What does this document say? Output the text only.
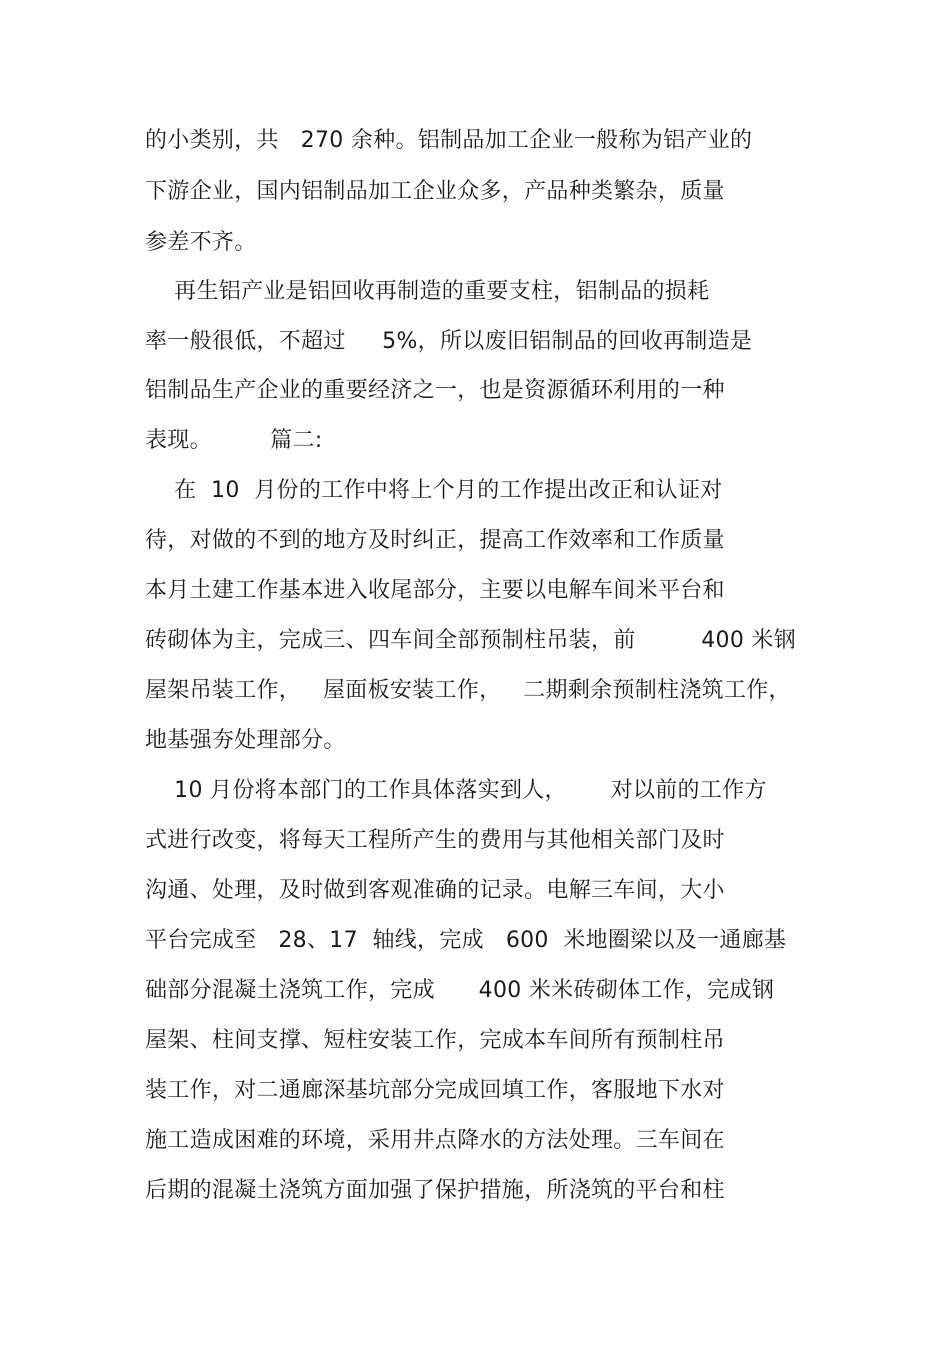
的小类别，共   270 余种。铝制品加工企业一般称为铝产业的
下游企业，国内铝制品加工企业众多，产品种类繁杂，质量
参差不齐。
再生铝产业是铝回收再制造的重要支柱，铝制品的损耗
率一般很低，不超过     5%，所以废旧铝制品的回收再制造是
铝制品生产企业的重要经济之一，也是资源循环利用的一种
表现。        篇二:
在  10  月份的工作中将上个月的工作提出改正和认证对
待，对做的不到的地方及时纠正，提高工作效率和工作质量
本月土建工作基本进入收尾部分，主要以电解车间米平台和
砖砌体为主，完成三、四车间全部预制柱吊装，前         400 米钢
屋架吊装工作，   屋面板安装工作，   二期剩余预制柱浇筑工作，
地基强夯处理部分。
10 月份将本部门的工作具体落实到人，      对以前的工作方
式进行改变，将每天工程所产生的费用与其他相关部门及时
沟通、处理，及时做到客观准确的记录。电解三车间，大小
平台完成至   28、17  轴线，完成   600  米地圈梁以及一通廊基
础部分混凝土浇筑工作，完成      400 米米砖砌体工作，完成钢
屋架、柱间支撑、短柱安装工作，完成本车间所有预制柱吊
装工作，对二通廊深基坑部分完成回填工作，客服地下水对
施工造成困难的环境，采用井点降水的方法处理。三车间在
后期的混凝土浇筑方面加强了保护措施，所浇筑的平台和柱
